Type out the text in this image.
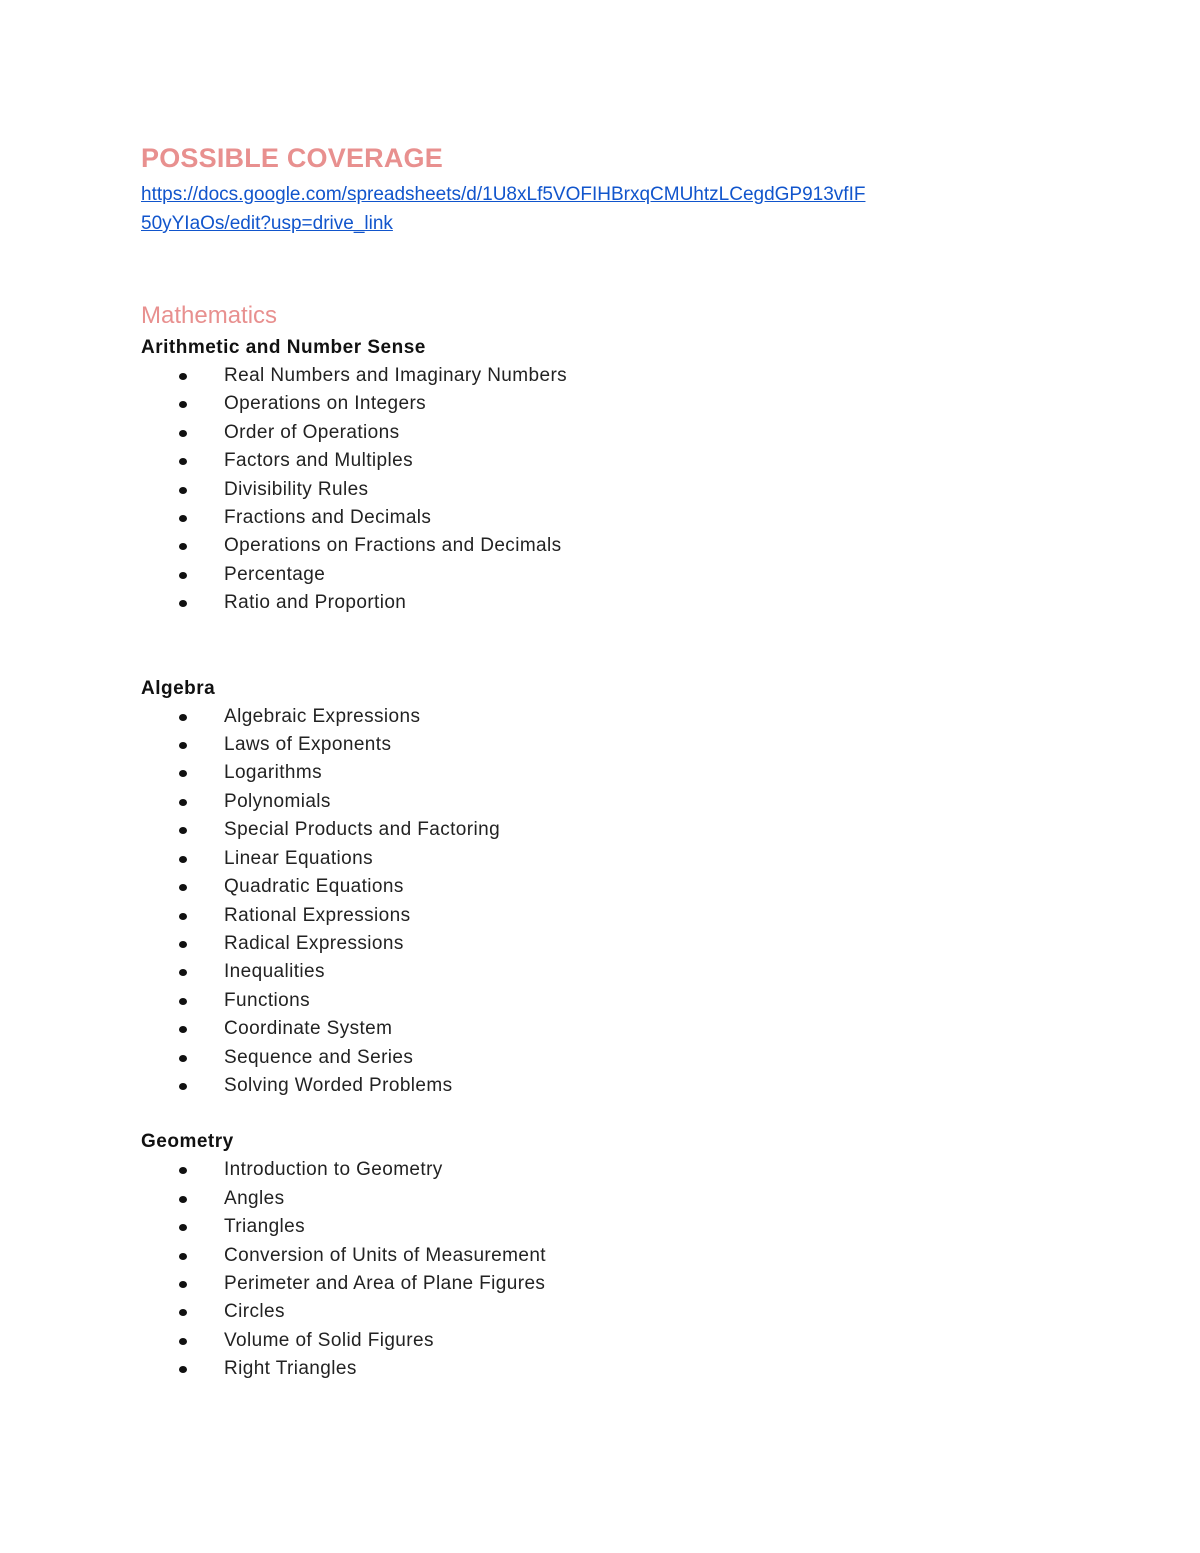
POSSIBLE COVERAGE
https://docs.google.com/spreadsheets/d/1U8xLf5VOFIHBrxqCMUhtzLCegdGP913vfIF50yYIaOs/edit?usp=drive_link
Mathematics
Arithmetic and Number Sense
Real Numbers and Imaginary Numbers
Operations on Integers
Order of Operations
Factors and Multiples
Divisibility Rules
Fractions and Decimals
Operations on Fractions and Decimals
Percentage
Ratio and Proportion
Algebra
Algebraic Expressions
Laws of Exponents
Logarithms
Polynomials
Special Products and Factoring
Linear Equations
Quadratic Equations
Rational Expressions
Radical Expressions
Inequalities
Functions
Coordinate System
Sequence and Series
Solving Worded Problems
Geometry
Introduction to Geometry
Angles
Triangles
Conversion of Units of Measurement
Perimeter and Area of Plane Figures
Circles
Volume of Solid Figures
Right Triangles
